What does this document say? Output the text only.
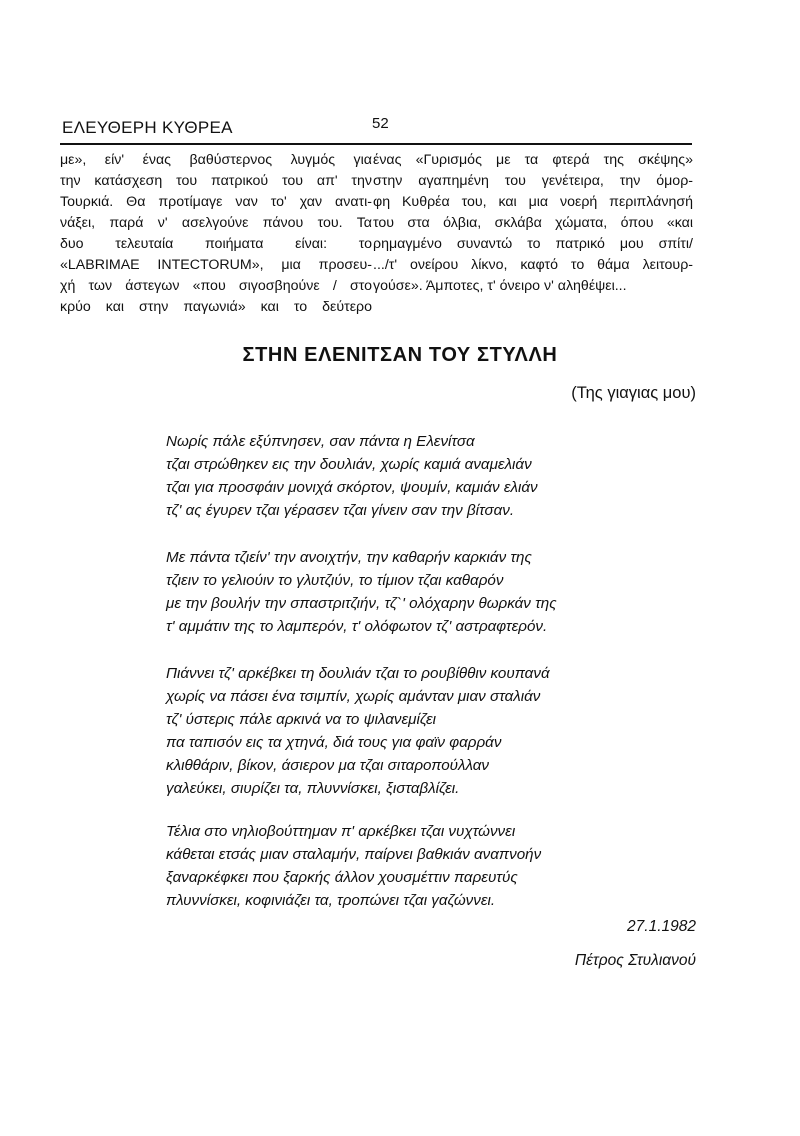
ΕΛΕΥΘΕΡΗ ΚΥΘΡΕΑ	52
με», είν' ένας βαθύστερνος λυγμός για
την κατάσχεση του πατρικού του απ' την
Τουρκιά. Θα προτίμαγε ναν το' χαν ανατι-
νάξει, παρά ν' ασελγούνε πάνου του. Τα
δυο τελευταία ποιήματα είναι: το
«LABRIMAE INTECTORUM», μια προσευ-
χή των άστεγων «που σιγοσβηούνε / στο
κρύο και στην παγωνιά» και το δεύτερο
ένας «Γυρισμός με τα φτερά της σκέψης»
στην αγαπημένη του γενέτειρα, την όμορ-
φη Κυθρέα του, και μια νοερή περιπλάνησή
του στα όλβια, σκλάβα χώματα, όπου «και
ρημαγμένο συναντώ το πατρικό μου σπίτι/
.../τ' ονείρου λίκνο, καφτό το θάμα λειτουρ-
γούσε». Άμποτες, τ' όνειρο ν' αληθέψει...
ΣΤΗΝ ΕΛΕΝΙΤΣΑΝ ΤΟΥ ΣΤΥΛΛΗ
(Της γιαγιας μου)
Νωρίς πάλε εξύπνησεν, σαν πάντα η Ελενίτσα
τζαι στρώθηκεν εις την δουλιάν, χωρίς καμιά αναμελιάν
τζαι για προσφάιν μονιχά σκόρτον, ψουμίν, καμιάν ελιάν
τζ' ας έγυρεν τζαι γέρασεν τζαι γίνειν σαν την βίτσαν.
Με πάντα τζιείν' την ανοιχτήν, την καθαρήν καρκιάν της
τζιειν το γελιούιν το γλυτζιύν, το τίμιον τζαι καθαρόν
με την βουλήν την σπαστριτζιήν, τζ`' ολόχαρην θωρκάν της
τ' αμμάτιν της το λαμπερόν, τ' ολόφωτον τζ' αστραφτερόν.
Πιάννει τζ' αρκέβκει τη δουλιάν τζαι το ρουβίθθιν κουπανά
χωρίς να πάσει ένα τσιμπίν, χωρίς αμάνταν μιαν σταλιάν
τζ' ύστερις πάλε αρκινά να το ψιλανεμίζει
πα ταπισόν εις τα χτηνά, διά τους για φαϊν φαρράν
κλιθθάριν, βίκον, άσιερον μα τζαι σιταροπούλλαν
γαλεύκει, σιυρίζει τα, πλυννίσκει, ξισταβλίζει.
Τέλια στο νηλιοβούττημαν π' αρκέβκει τζαι νυχτώννει
κάθεται ετσάς μιαν σταλαμήν, παίρνει βαθκιάν αναπνοήν
ξαναρκέφκει που ξαρκής άλλον χουσμέττιν παρευτύς
πλυννίσκει, κοφινιάζει τα, τροπώνει τζαι γαζώννει.
27.1.1982
Πέτρος Στυλιανού
